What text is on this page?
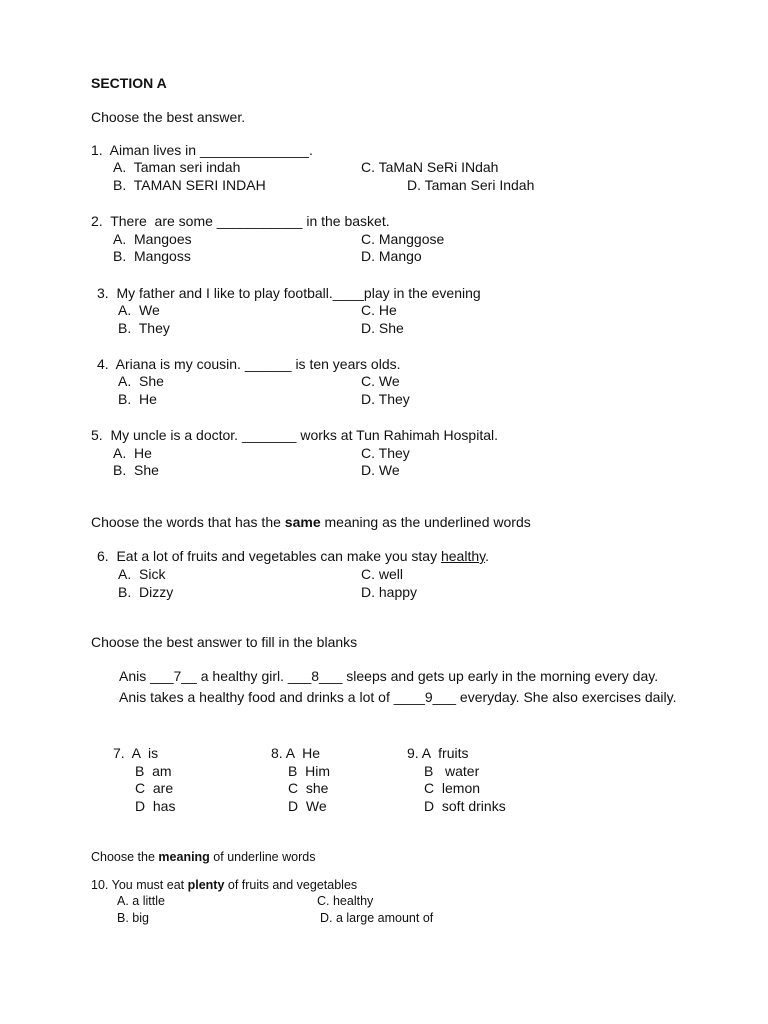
SECTION A
Choose the best answer.
1.  Aiman lives in ______________.
A.  Taman seri indah
B.  TAMAN SERI INDAH
C. TaMaN SeRi INdah
D. Taman Seri Indah
2.  There  are some ___________ in the basket.
A.  Mangoes
B.  Mangoss
C. Manggose
D. Mango
3.  My father and I like to play football.____play in the evening
A.  We
B.  They
C. He
D. She
4.  Ariana is my cousin. ______ is ten years olds.
A.  She
B.  He
C. We
D. They
5.  My uncle is a doctor. _______ works at Tun Rahimah Hospital.
A.  He
B.  She
C. They
D. We
Choose the words that has the same meaning as the underlined words
6.  Eat a lot of fruits and vegetables can make you stay healthy.
A.  Sick
B.  Dizzy
C. well
D. happy
Choose the best answer to fill in the blanks
Anis ___7__ a healthy girl. ___8___ sleeps and gets up early in the morning every day. Anis takes a healthy food and drinks a lot of ____9___ everyday. She also exercises daily.
7.  A  is
B  am
C  are
D  has
8. A  He
B  Him
C  she
D  We
9. A  fruits
B   water
C  lemon
D  soft drinks
Choose the meaning of underline words
10. You must eat plenty of fruits and vegetables
A. a little
B. big
C. healthy
D. a large amount of
